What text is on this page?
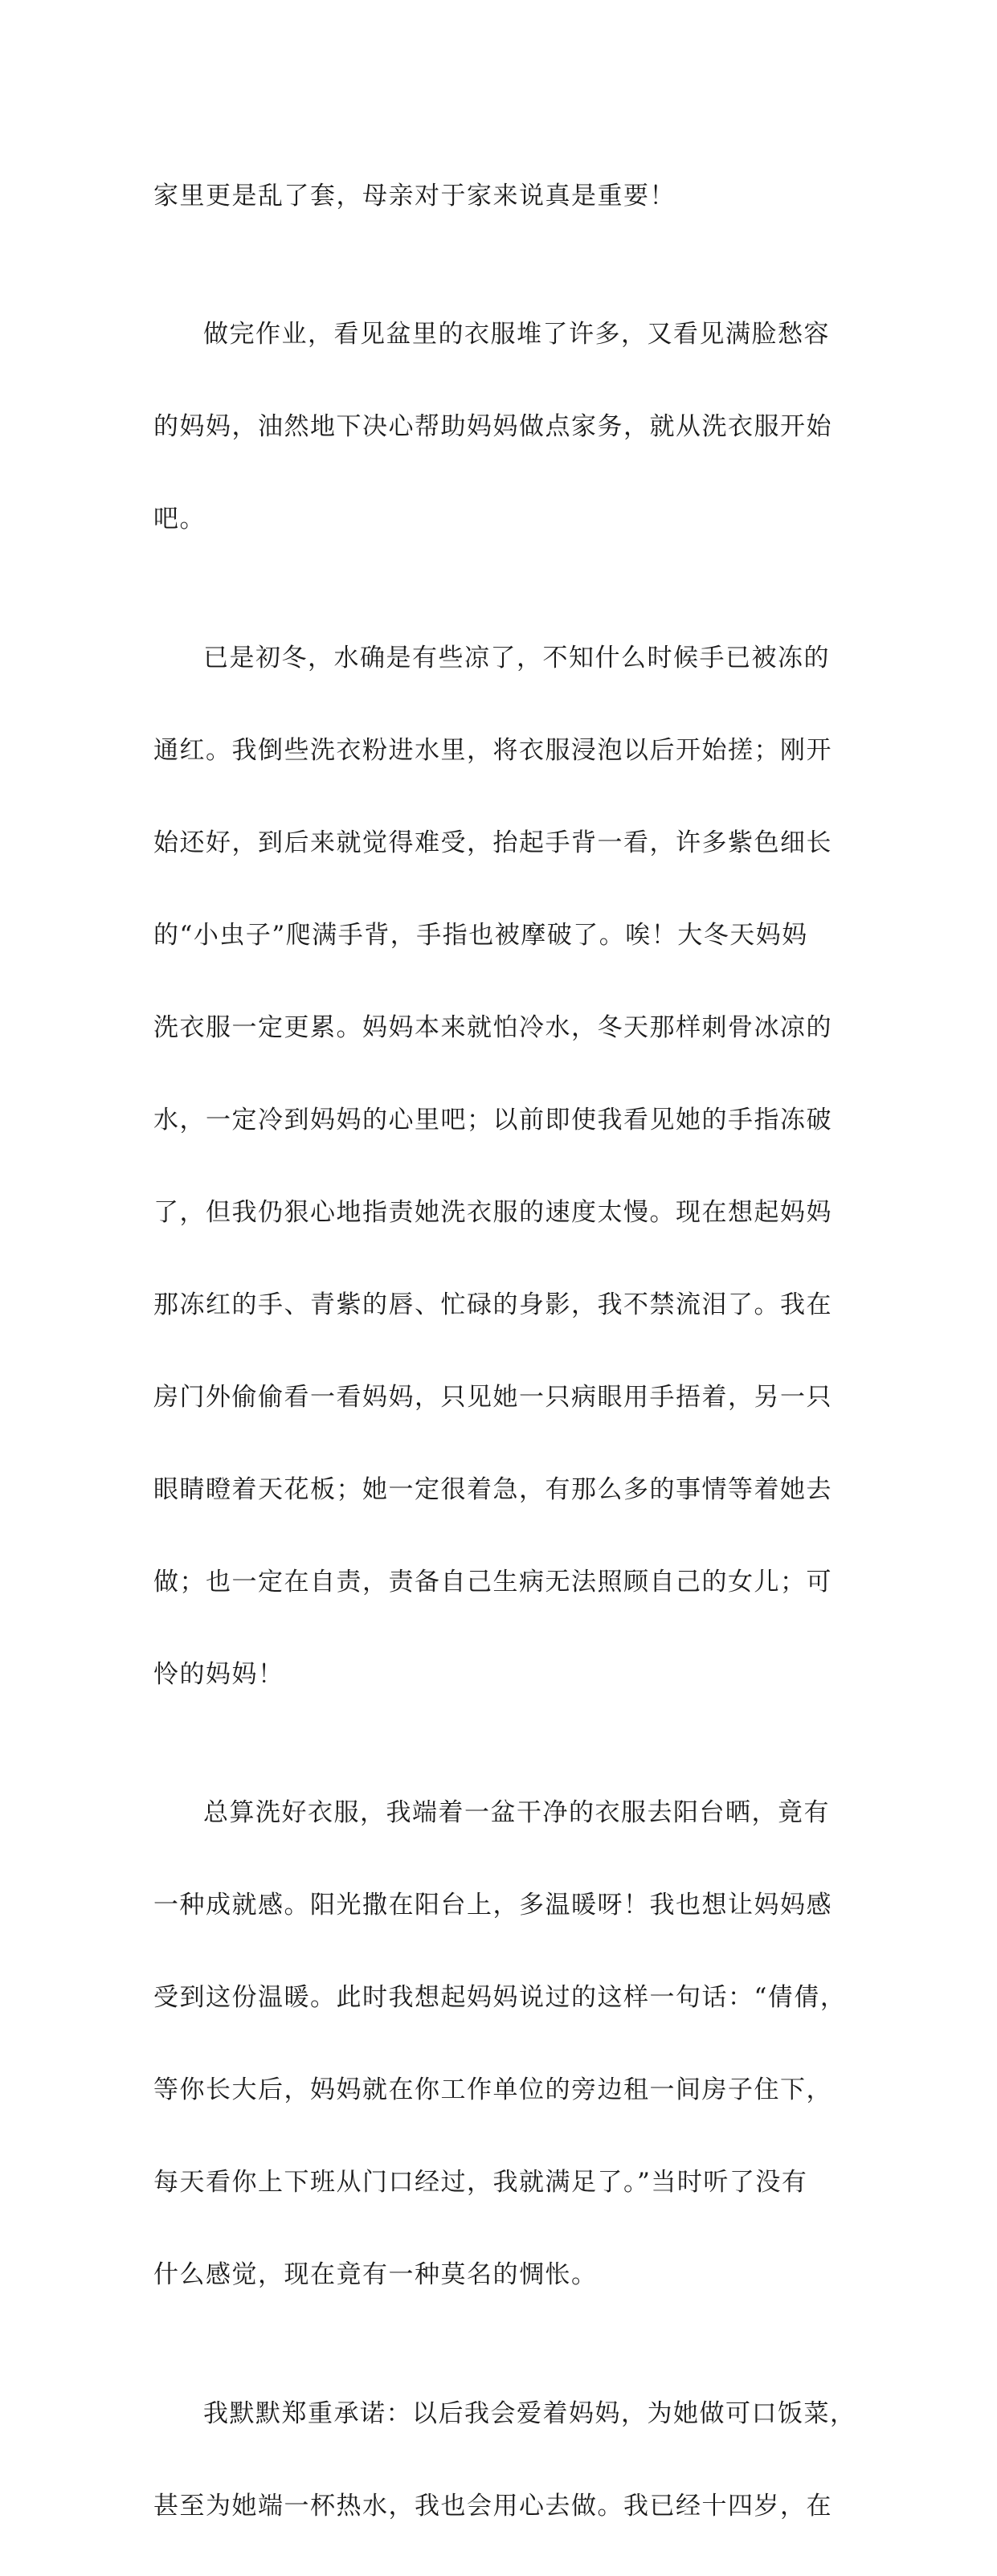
家里更是乱了套，母亲对于家来说真是重要！

做完作业，看见盆里的衣服堆了许多，又看见满脸愁容

的妈妈，油然地下决心帮助妈妈做点家务，就从洗衣服开始

吧。

已是初冬，水确是有些凉了，不知什么时候手已被冻的

通红。我倒些洗衣粉进水里，将衣服浸泡以后开始搓；刚开

始还好，到后来就觉得难受，抬起手背一看，许多紫色细长

的“小虫子”爬满手背，手指也被摩破了。唉！大冬天妈妈

洗衣服一定更累。妈妈本来就怕冷水，冬天那样刺骨冰凉的

水，一定冷到妈妈的心里吧；以前即使我看见她的手指冻破

了，但我仍狠心地指责她洗衣服的速度太慢。现在想起妈妈

那冻红的手、青紫的唇、忙碌的身影，我不禁流泪了。我在

房门外偷偷看一看妈妈，只见她一只病眼用手捂着，另一只

眼睛瞪着天花板；她一定很着急，有那么多的事情等着她去

做；也一定在自责，责备自己生病无法照顾自己的女儿；可

怜的妈妈！

总算洗好衣服，我端着一盆干净的衣服去阳台晒，竟有

一种成就感。阳光撒在阳台上，多温暖呀！我也想让妈妈感

受到这份温暖。此时我想起妈妈说过的这样一句话：“倩倩，

等你长大后，妈妈就在你工作单位的旁边租一间房子住下，

每天看你上下班从门口经过，我就满足了。”当时听了没有

什么感觉，现在竟有一种莫名的惆怅。

我默默郑重承诺：以后我会爱着妈妈，为她做可口饭菜，

甚至为她端一杯热水，我也会用心去做。我已经十四岁，在
